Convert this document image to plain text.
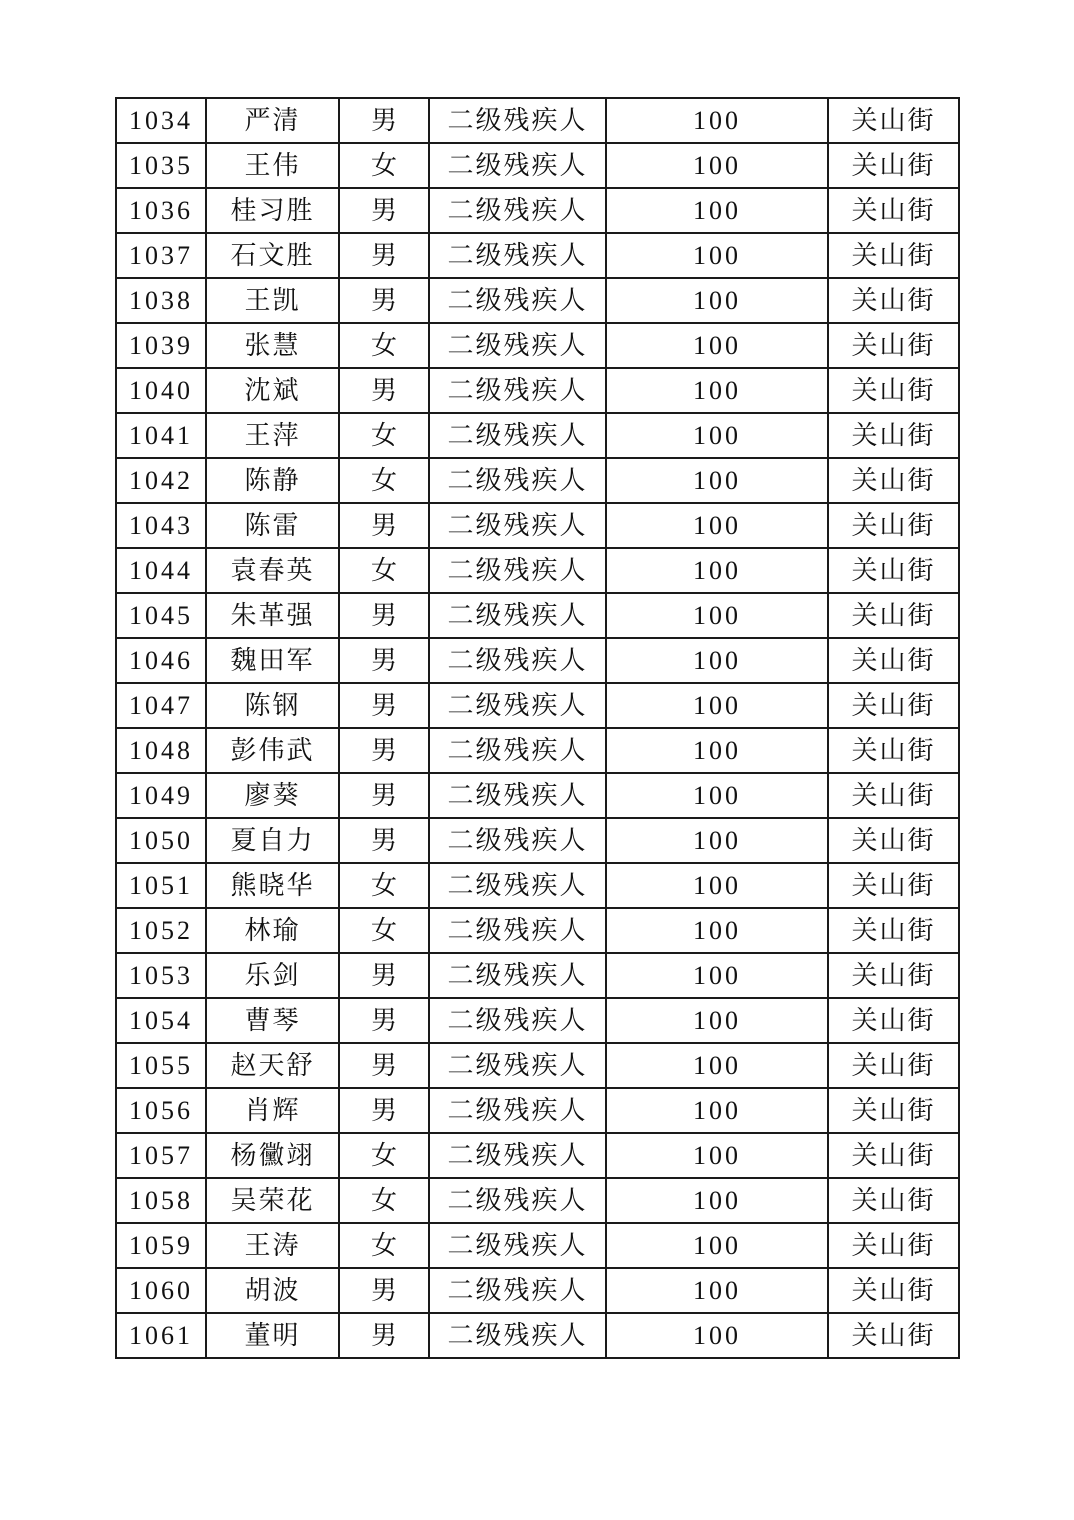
1034	严清	男	二级残疾人	100	关山街
1035	王伟	女	二级残疾人	100	关山街
1036	桂习胜	男	二级残疾人	100	关山街
1037	石文胜	男	二级残疾人	100	关山街
1038	王凯	男	二级残疾人	100	关山街
1039	张慧	女	二级残疾人	100	关山街
1040	沈斌	男	二级残疾人	100	关山街
1041	王萍	女	二级残疾人	100	关山街
1042	陈静	女	二级残疾人	100	关山街
1043	陈雷	男	二级残疾人	100	关山街
1044	袁春英	女	二级残疾人	100	关山街
1045	朱革强	男	二级残疾人	100	关山街
1046	魏田军	男	二级残疾人	100	关山街
1047	陈钢	男	二级残疾人	100	关山街
1048	彭伟武	男	二级残疾人	100	关山街
1049	廖葵	男	二级残疾人	100	关山街
1050	夏自力	男	二级残疾人	100	关山街
1051	熊晓华	女	二级残疾人	100	关山街
1052	林瑜	女	二级残疾人	100	关山街
1053	乐剑	男	二级残疾人	100	关山街
1054	曹琴	男	二级残疾人	100	关山街
1055	赵天舒	男	二级残疾人	100	关山街
1056	肖辉	男	二级残疾人	100	关山街
1057	杨黴翊	女	二级残疾人	100	关山街
1058	吴荣花	女	二级残疾人	100	关山街
1059	王涛	女	二级残疾人	100	关山街
1060	胡波	男	二级残疾人	100	关山街
1061	董明	男	二级残疾人	100	关山街
